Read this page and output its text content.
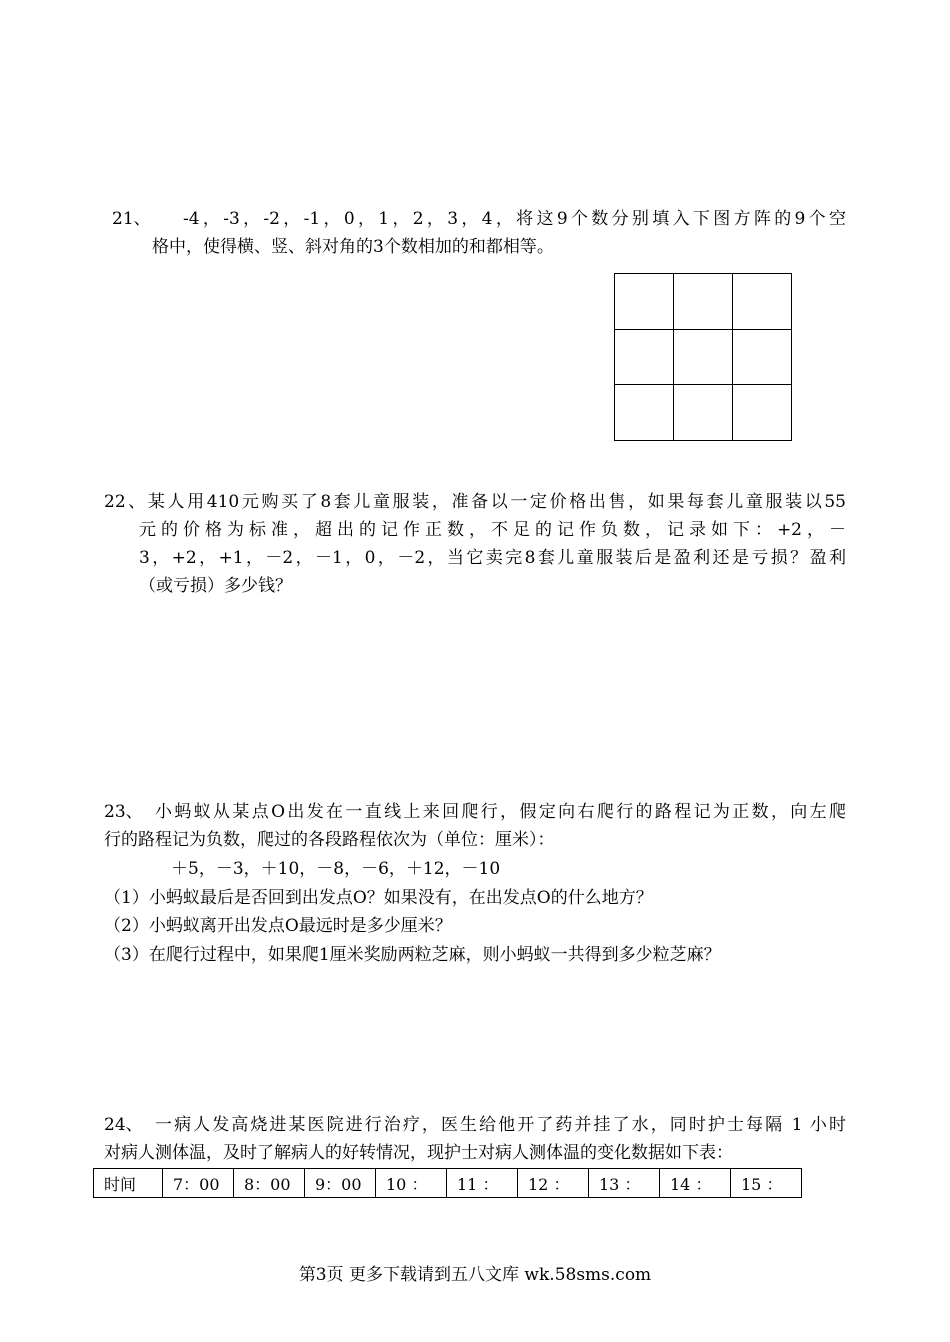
21、 -4，-3，-2，-1，0，1，2，3，4，将这9个数分别填入下图方阵的9个空
格中，使得横、竖、斜对角的3个数相加的和都相等。

22、某人用410元购买了8套儿童服装，准备以一定价格出售，如果每套儿童服装以55
元的价格为标准，超出的记作正数，不足的记作负数，记录如下：+2，－
3，+2，+1，－2，－1，0，－2，当它卖完8套儿童服装后是盈利还是亏损？盈利
（或亏损）多少钱？
23、 小蚂蚁从某点O出发在一直线上来回爬行，假定向右爬行的路程记为正数，向左爬
行的路程记为负数，爬过的各段路程依次为（单位：厘米）：
＋5，－3，＋10，－8，－6，＋12，－10
（1）小蚂蚁最后是否回到出发点O？如果没有，在出发点O的什么地方？
（2）小蚂蚁离开出发点O最远时是多少厘米？
（3）在爬行过程中，如果爬1厘米奖励两粒芝麻，则小蚂蚁一共得到多少粒芝麻？
24、 一病人发高烧进某医院进行治疗，医生给他开了药并挂了水，同时护士每隔 1 小时
对病人测体温，及时了解病人的好转情况，现护士对病人测体温的变化数据如下表：
时间	7：00	8：00	9：00	10 ：	11 ：	12 ：	13 ：	14 ：	15 ：
第3页 更多下载请到五八文库 wk.58sms.com
